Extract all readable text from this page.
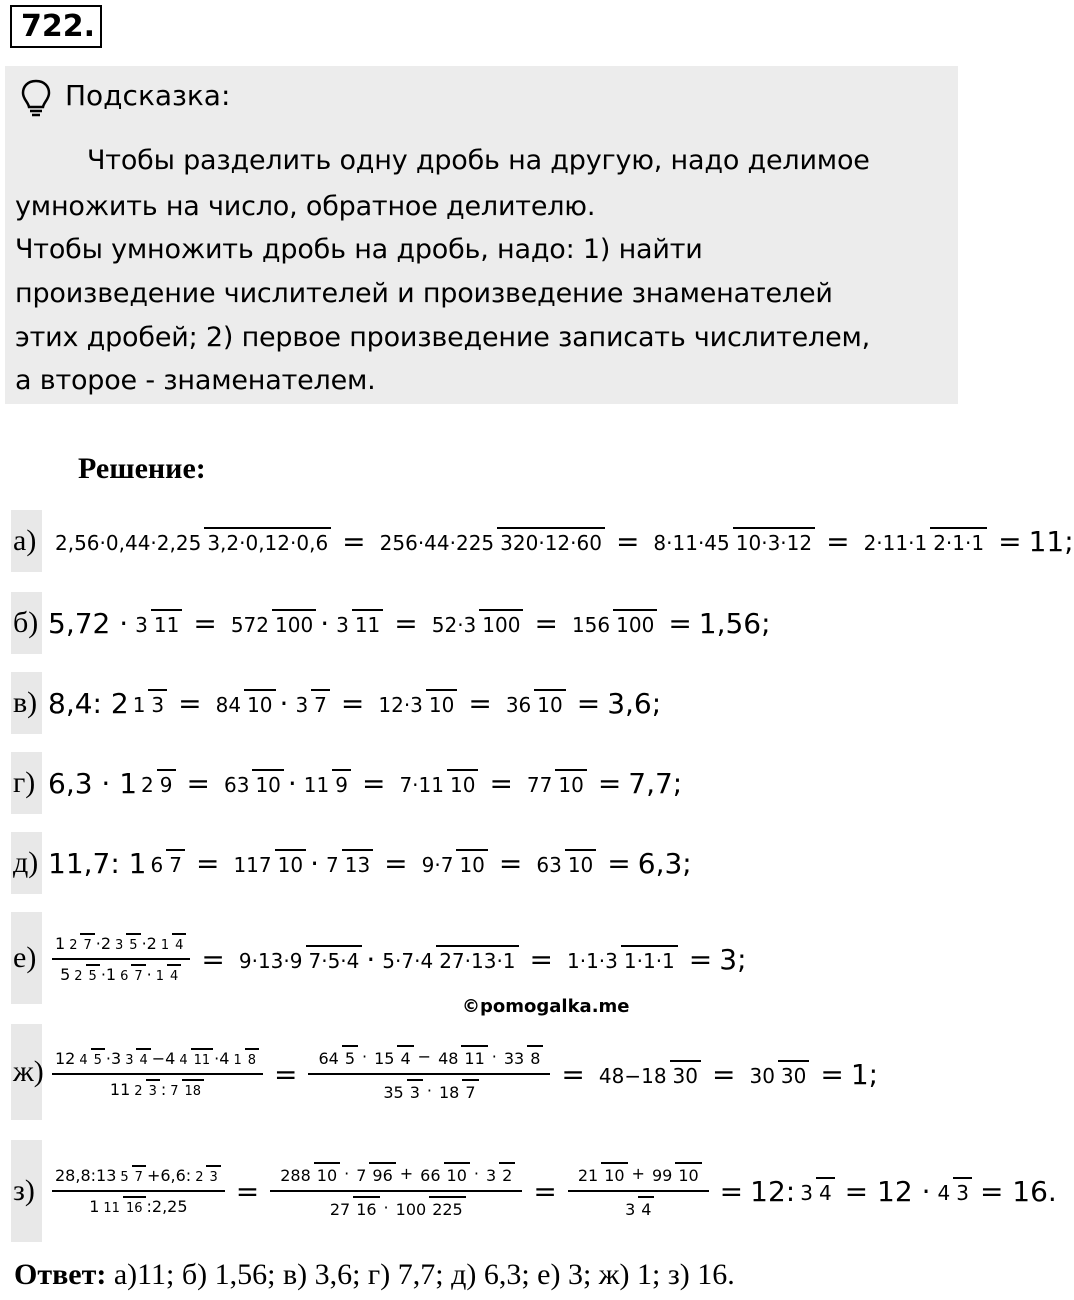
722.
Подсказка:
Чтобы разделить одну дробь на другую, надо делимое
умножить на число, обратное делителю.
Чтобы умножить дробь на дробь, надо: 1) найти
произведение числителей и произведение знаменателей
этих дробей; 2) первое произведение записать числителем,
а второе - знаменателем.
Решение:
а) 2,56·0,44·2,25 3,2·0,12·0,6 = 256·44·225 320·12·60 = 8·11·45 10·3·12 = 2·11·1 2·1·1 = 11;
б) 5,72 · 3 11 = 572 100 · 3 11 = 52·3 100 = 156 100 = 1,56;
в) 8,4: 2 1 3 = 84 10 · 3 7 = 12·3 10 = 36 10 = 3,6;
г) 6,3 · 1 2 9 = 63 10 · 11 9 = 7·11 10 = 77 10 = 7,7;
д) 11,7: 1 6 7 = 117 10 · 7 13 = 9·7 10 = 63 10 = 6,3;
$е) \frac{1 2 7 \cdot 2 3 5 \cdot 2 1 4}{5 2 5 \cdot 1 6 7 \cdot 1 4} = 9\cdot 13\cdot 9$ 7·5·4 · 5·7·4 27·13·1 = 1·1·3 1·1·1 = 3;
©pomogalka.me
$ж) \frac{12 4 5 \cdot 3 3 4 -4 4 11 \cdot 4 1 8}{11 2 3 : 7 18} = \frac{64 5 \cdot 15 4 - 48 11 \cdot 33 8}{35 3 \cdot 18 7} = 48-18$ 30 = 30 30 = 1;
з)	$\frac{28,8:13 5 7 +6,6: 2 3}{1 11 16 :2,25} = \frac{288 10 \cdot 7 96 + 66 10 \cdot 3 2}{27 16 \cdot 100 225} = \frac{21 10 + 99 10}{3 4} = 12$: 3 4 = 12 · 4 3 = 16.
Ответ: а)11; б) 1,56; в) 3,6; г) 7,7; д) 6,3; е) 3; ж) 1; з) 16.
